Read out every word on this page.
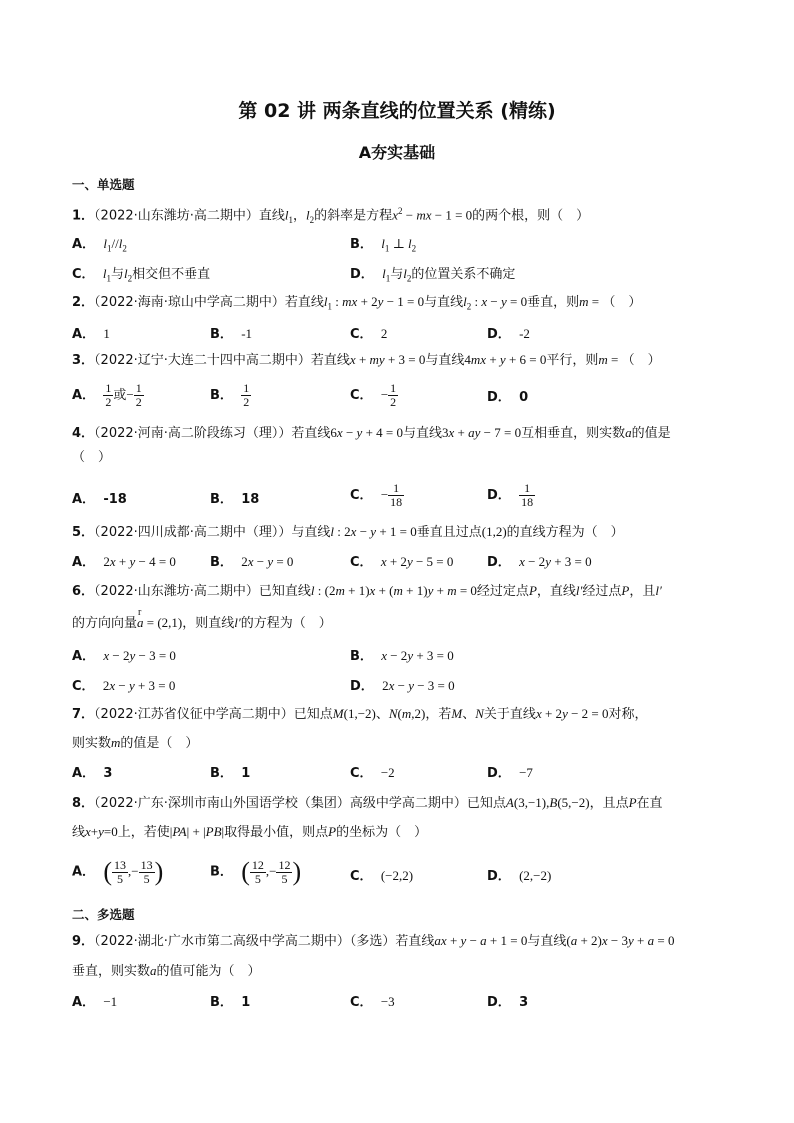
第 02 讲 两条直线的位置关系 (精练)
A夯实基础
一、单选题
1．（2022·山东潍坊·高二期中）直线$l_1$，$l_2$的斜率是方程$x^2$ − mx − 1 = 0的两个根，则（　）
A． $l_1//l_2$	B． $l_1$ ⊥ $l_2$
C． $l_1$与$l_2$相交但不垂直	D． $l_1$与$l_2$的位置关系不确定
2．（2022·海南·琼山中学高二期中）若直线$l_1$ : mx + 2y − 1 = 0与直线$l_2$ : x − y = 0垂直，则m = （　）
A． 1	B． -1	C． 2	D． -2
3．（2022·辽宁·大连二十四中高二期中）若直线x + my + 3 = 0与直线4mx + y + 6 = 0平行，则m = （　）
A． $\frac{1}{2}$ 或− $\frac{1}{2}$	B． $\frac{1}{2}$	C． − $\frac{1}{2}$	D． 0
4．（2022·河南·高二阶段练习（理））若直线6x − y + 4 = 0与直线3x + ay − 7 = 0互相垂直，则实数a的值是
（　）
A． -18	B． 18	C． − $\frac{1}{18}$	D． $\frac{1}{18}$
5．（2022·四川成都·高二期中（理））与直线l : 2x − y + 1 = 0垂直且过点(1,2)的直线方程为（　）
A． 2x + y − 4 = 0	B． 2x − y = 0	C． x + 2y − 5 = 0	D． x − 2y + 3 = 0
6．（2022·山东潍坊·高二期中）已知直线l : (2m + 1)x + (m + 1)y + m = 0经过定点P，直线l′经过点P，且l′
的方向向量r a = (2,1)，则直线l′的方程为（　）
A． x − 2y − 3 = 0	B． x − 2y + 3 = 0
C． 2x − y + 3 = 0	D． 2x − y − 3 = 0
7．（2022·江苏省仪征中学高二期中）已知点M(1,−2)、N(m,2)，若M、N关于直线x + 2y − 2 = 0对称，
则实数m的值是（　）
A． 3	B． 1	C． −2	D． −7
8．（2022·广东·深圳市南山外国语学校（集团）高级中学高二期中）已知点A(3,−1),B(5,−2)，且点P在直
线x+y=0上，若使|PA| + |PB|取得最小值，则点P的坐标为（　）
A． ( $\frac{13}{5}$ ,− $\frac{13}{5}$ )	B． ( $\frac{12}{5}$ ,− $\frac{12}{5}$ )	C． (−2,2)	D． (2,−2)
二、多选题
9．（2022·湖北·广水市第二高级中学高二期中）（多选）若直线ax + y − a + 1 = 0与直线(a + 2)x − 3y + a = 0
垂直，则实数a的值可能为（　）
A． −1	B． 1	C． −3	D． 3
